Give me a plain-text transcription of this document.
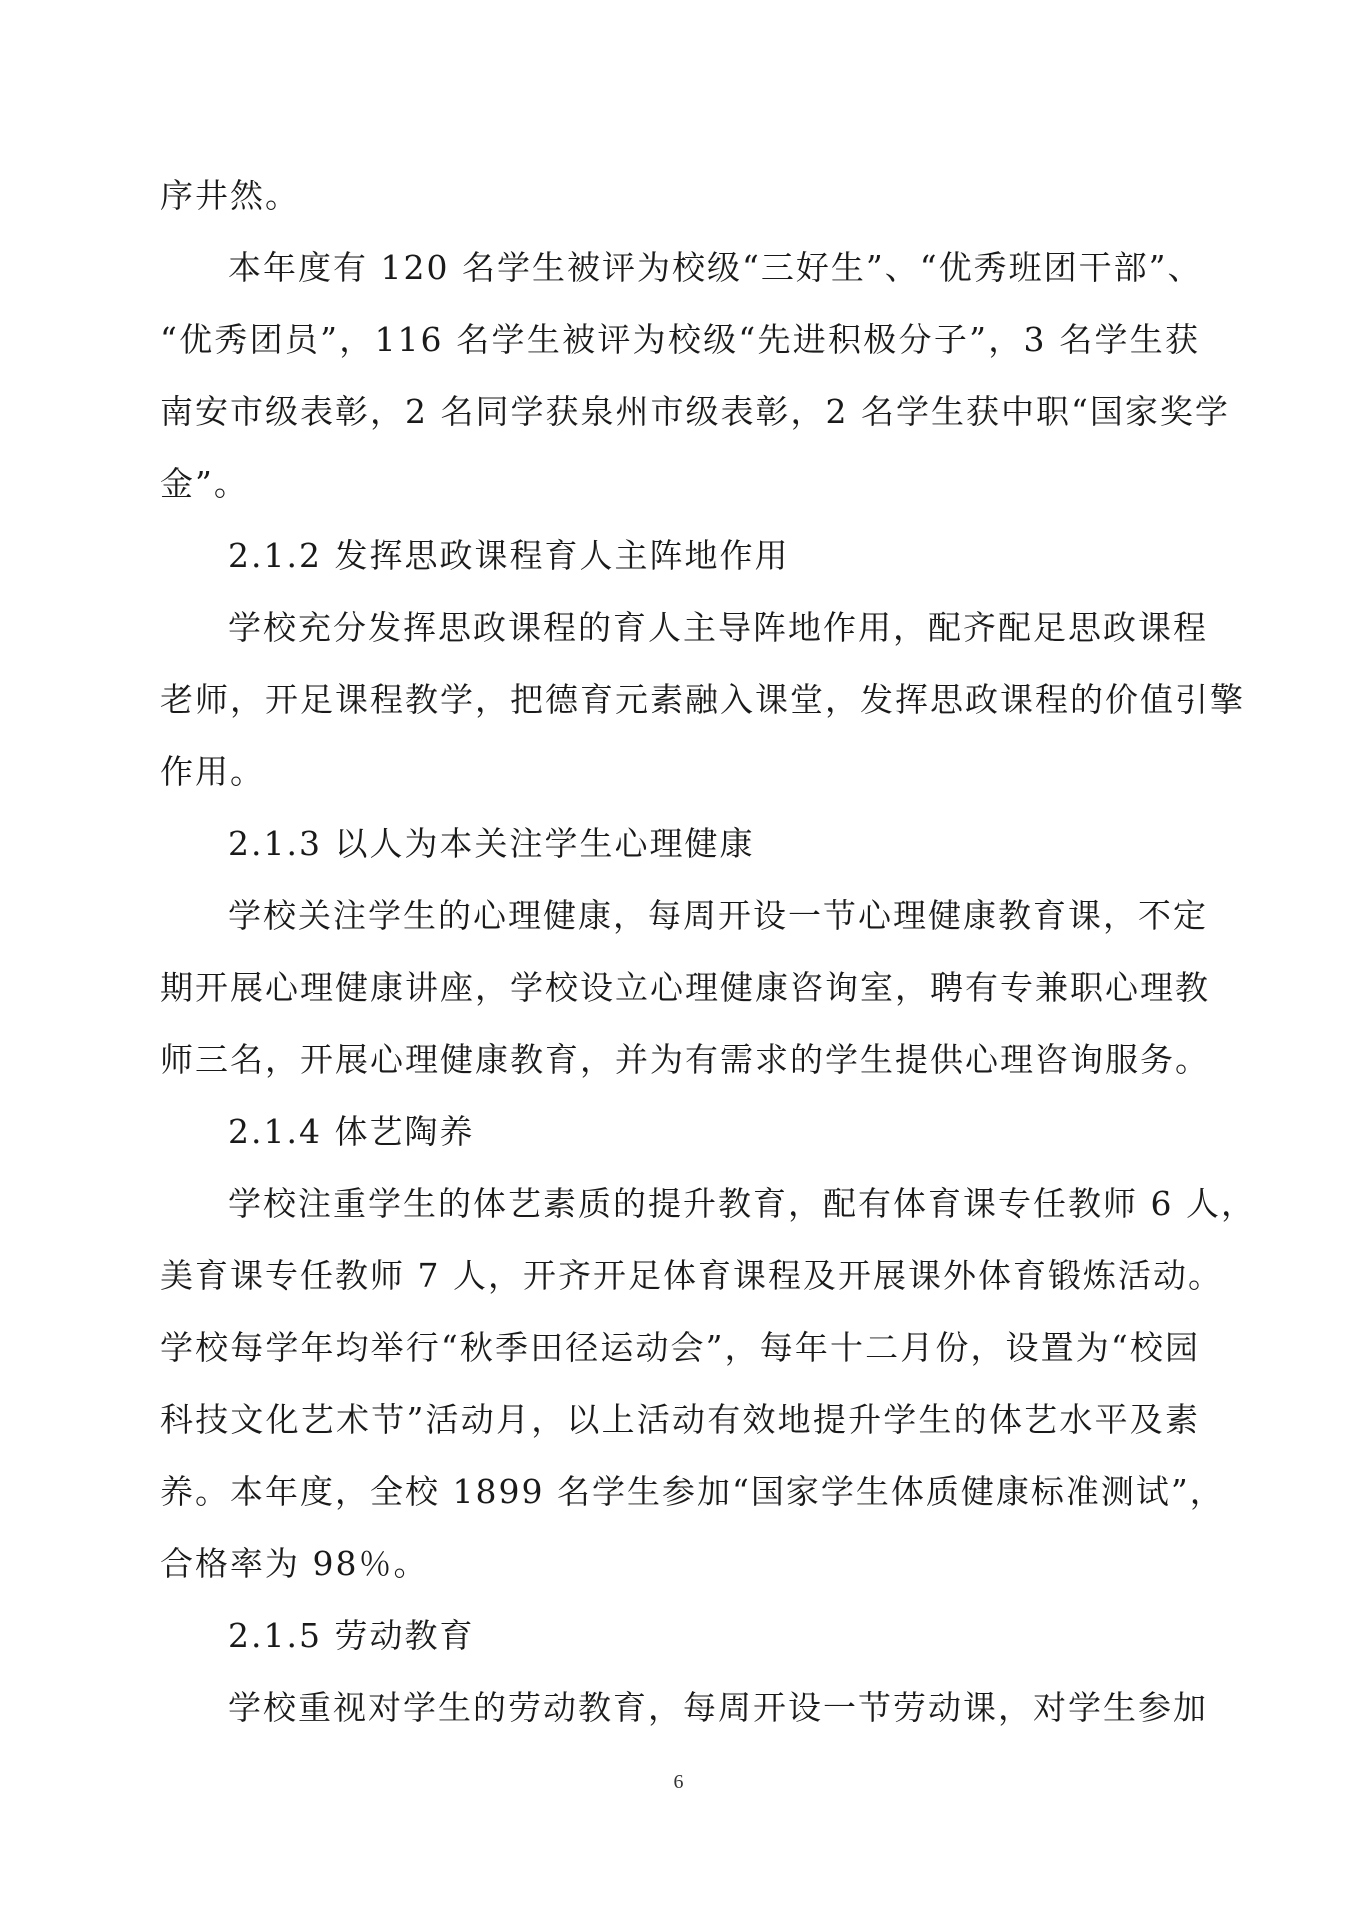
序井然。
本年度有 120 名学生被评为校级“三好生”、“优秀班团干部”、
“优秀团员”，116 名学生被评为校级“先进积极分子”，3 名学生获
南安市级表彰，2 名同学获泉州市级表彰，2 名学生获中职“国家奖学
金”。
2.1.2 发挥思政课程育人主阵地作用
学校充分发挥思政课程的育人主导阵地作用，配齐配足思政课程
老师，开足课程教学，把德育元素融入课堂，发挥思政课程的价值引擎
作用。
2.1.3 以人为本关注学生心理健康
学校关注学生的心理健康，每周开设一节心理健康教育课，不定
期开展心理健康讲座，学校设立心理健康咨询室，聘有专兼职心理教
师三名，开展心理健康教育，并为有需求的学生提供心理咨询服务。
2.1.4 体艺陶养
学校注重学生的体艺素质的提升教育，配有体育课专任教师 6 人，
美育课专任教师 7 人，开齐开足体育课程及开展课外体育锻炼活动。
学校每学年均举行“秋季田径运动会”，每年十二月份，设置为“校园
科技文化艺术节”活动月，以上活动有效地提升学生的体艺水平及素
养。本年度，全校 1899 名学生参加“国家学生体质健康标准测试”，
合格率为 98％。
2.1.5 劳动教育
学校重视对学生的劳动教育，每周开设一节劳动课，对学生参加
6
